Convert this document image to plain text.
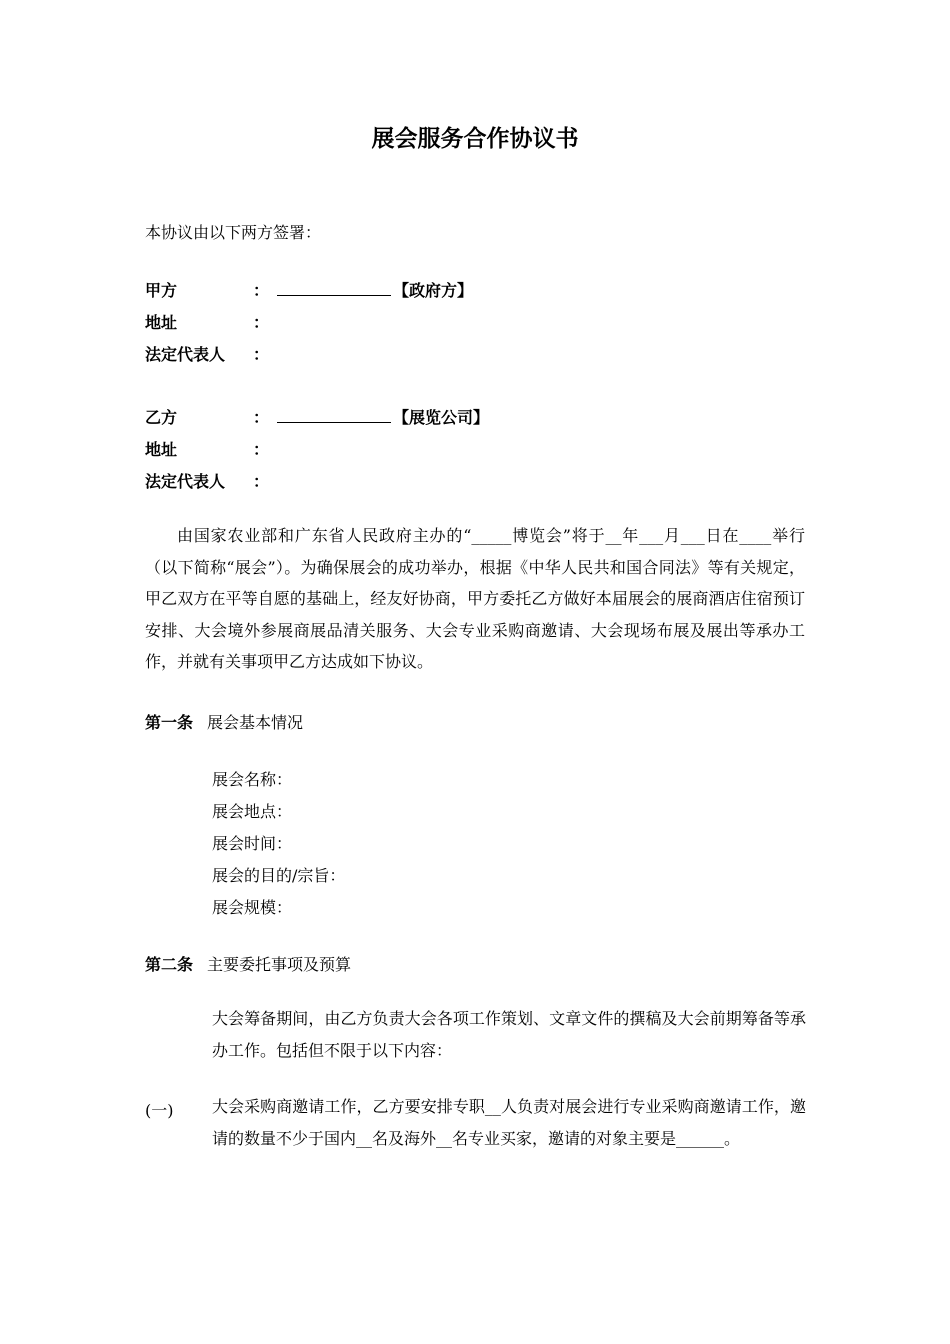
展会服务合作协议书
本协议由以下两方签署：
甲方	：	【政府方】
地址	：
法定代表人 ：
乙方	：	【展览公司】
地址	：
法定代表人 ：
由国家农业部和广东省人民政府主办的“_____博览会”将于__年___月___日在____举行（以下简称“展会”）。为确保展会的成功举办，根据《中华人民共和国合同法》等有关规定，甲乙双方在平等自愿的基础上，经友好协商，甲方委托乙方做好本届展会的展商酒店住宿预订安排、大会境外参展商展品清关服务、大会专业采购商邀请、大会现场布展及展出等承办工作，并就有关事项甲乙方达成如下协议。
第一条 展会基本情况
展会名称：
展会地点：
展会时间：
展会的目的/宗旨：
展会规模：
第二条 主要委托事项及预算
大会筹备期间，由乙方负责大会各项工作策划、文章文件的撰稿及大会前期筹备等承办工作。包括但不限于以下内容：
(一) 大会采购商邀请工作，乙方要安排专职__人负责对展会进行专业采购商邀请工作，邀请的数量不少于国内__名及海外__名专业买家，邀请的对象主要是______。
